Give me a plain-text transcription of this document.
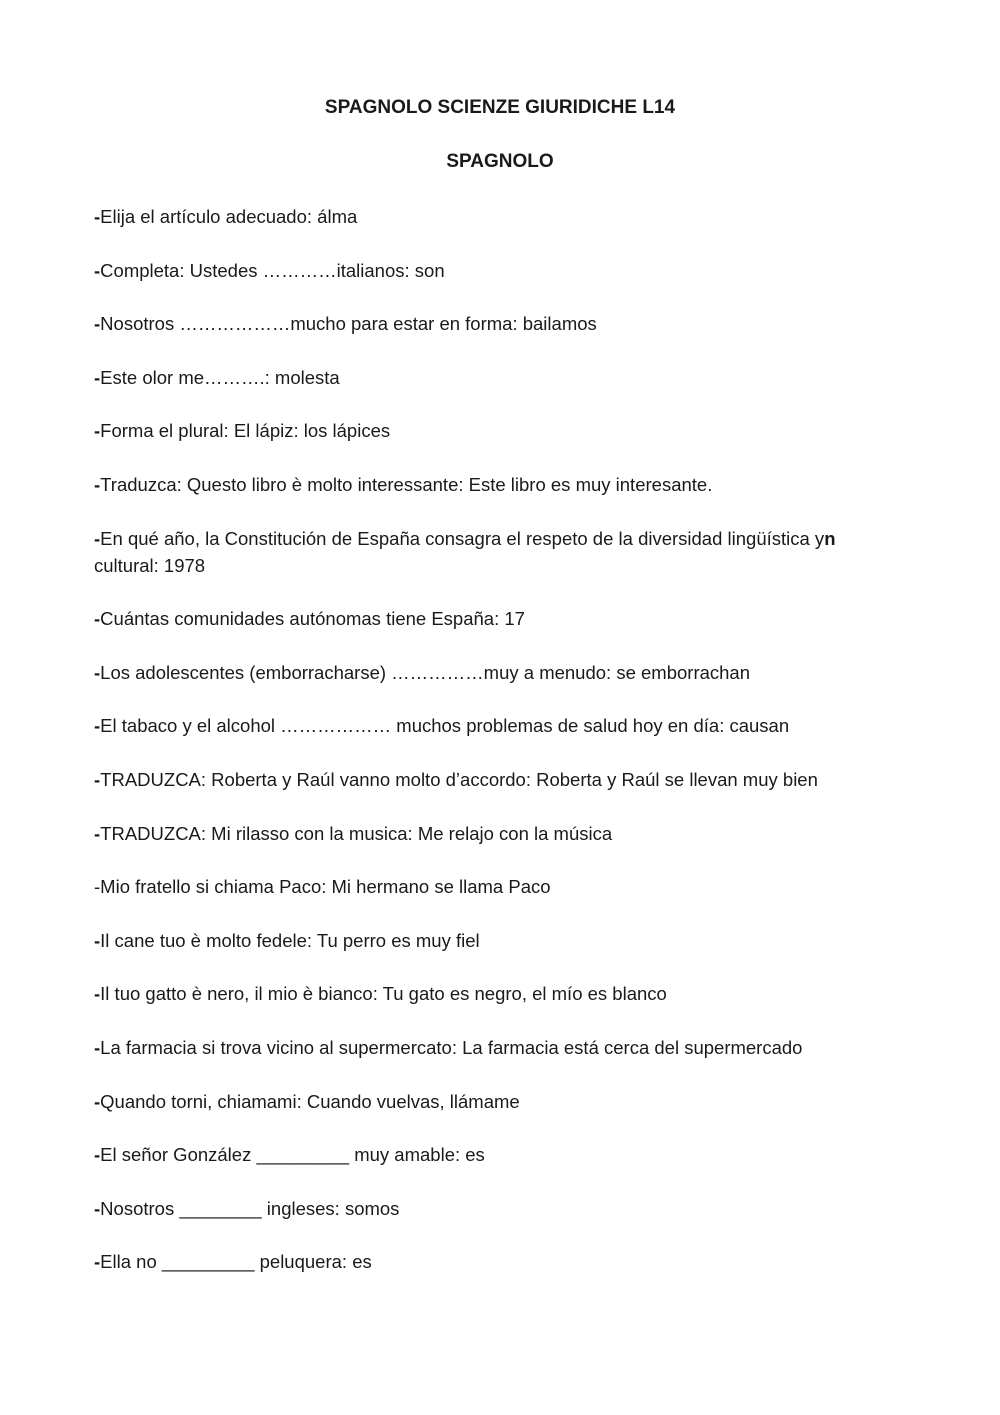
SPAGNOLO SCIENZE GIURIDICHE L14
SPAGNOLO
-Elija el artículo adecuado: álma
-Completa: Ustedes …………italianos: son
-Nosotros ………………mucho para estar en forma: bailamos
-Este olor me……….: molesta
-Forma el plural: El lápiz: los lápices
-Traduzca: Questo libro è molto interessante: Este libro es muy interesante.
-En qué año, la Constitución de España consagra el respeto de la diversidad lingüística yn
cultural: 1978
-Cuántas comunidades autónomas tiene España: 17
-Los adolescentes (emborracharse) ……………muy a menudo: se emborrachan
-El tabaco y el alcohol ……………… muchos problemas de salud hoy en día: causan
-TRADUZCA: Roberta y Raúl vanno molto d’accordo: Roberta y Raúl se llevan muy bien
-TRADUZCA: Mi rilasso con la musica: Me relajo con la música
-Mio fratello si chiama Paco: Mi hermano se llama Paco
-Il cane tuo è molto fedele: Tu perro es muy fiel
-Il tuo gatto è nero, il mio è bianco: Tu gato es negro, el mío es blanco
-La farmacia si trova vicino al supermercato: La farmacia está cerca del supermercado
-Quando torni, chiamami: Cuando vuelvas, llámame
-El señor González _________ muy amable: es
-Nosotros ________ ingleses: somos
-Ella no _________ peluquera: es
